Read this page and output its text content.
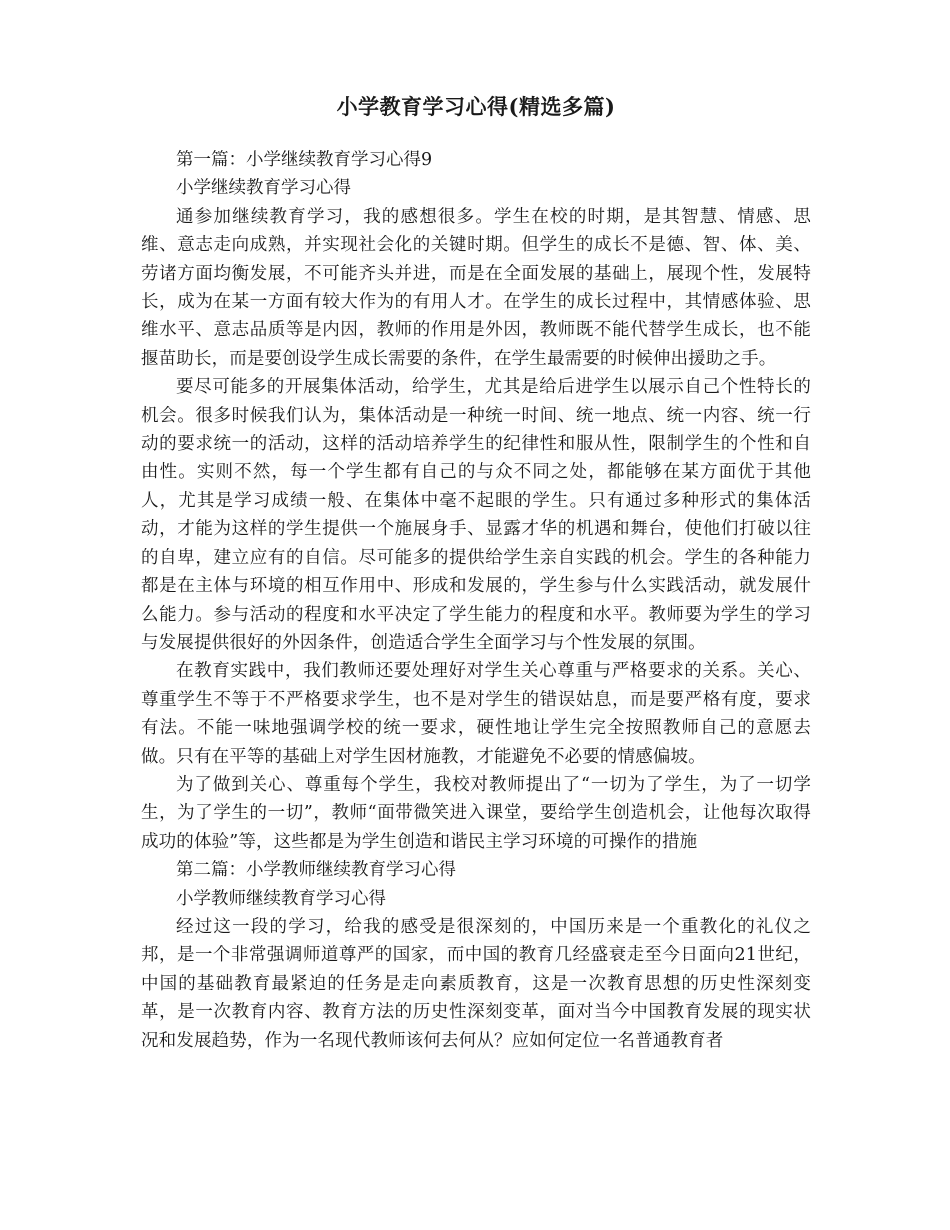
小学教育学习心得(精选多篇)

第一篇：小学继续教育学习心得9

小学继续教育学习心得

通参加继续教育学习，我的感想很多。学生在校的时期，是其智慧、情感、思维、意志走向成熟，并实现社会化的关键时期。但学生的成长不是德、智、体、美、劳诸方面均衡发展，不可能齐头并进，而是在全面发展的基础上，展现个性，发展特长，成为在某一方面有较大作为的有用人才。在学生的成长过程中，其情感体验、思维水平、意志品质等是内因，教师的作用是外因，教师既不能代替学生成长，也不能揠苗助长，而是要创设学生成长需要的条件，在学生最需要的时候伸出援助之手。

要尽可能多的开展集体活动，给学生，尤其是给后进学生以展示自己个性特长的机会。很多时候我们认为，集体活动是一种统一时间、统一地点、统一内容、统一行动的要求统一的活动，这样的活动培养学生的纪律性和服从性，限制学生的个性和自由性。实则不然，每一个学生都有自己的与众不同之处，都能够在某方面优于其他人，尤其是学习成绩一般、在集体中毫不起眼的学生。只有通过多种形式的集体活动，才能为这样的学生提供一个施展身手、显露才华的机遇和舞台，使他们打破以往的自卑，建立应有的自信。尽可能多的提供给学生亲自实践的机会。学生的各种能力都是在主体与环境的相互作用中、形成和发展的，学生参与什么实践活动，就发展什么能力。参与活动的程度和水平决定了学生能力的程度和水平。教师要为学生的学习与发展提供很好的外因条件，创造适合学生全面学习与个性发展的氛围。

在教育实践中，我们教师还要处理好对学生关心尊重与严格要求的关系。关心、尊重学生不等于不严格要求学生，也不是对学生的错误姑息，而是要严格有度，要求有法。不能一味地强调学校的统一要求，硬性地让学生完全按照教师自己的意愿去做。只有在平等的基础上对学生因材施教，才能避免不必要的情感偏坡。

为了做到关心、尊重每个学生，我校对教师提出了“一切为了学生，为了一切学生，为了学生的一切”，教师“面带微笑进入课堂，要给学生创造机会，让他每次取得成功的体验”等，这些都是为学生创造和谐民主学习环境的可操作的措施

第二篇：小学教师继续教育学习心得

小学教师继续教育学习心得

经过这一段的学习，给我的感受是很深刻的，中国历来是一个重教化的礼仪之邦，是一个非常强调师道尊严的国家，而中国的教育几经盛衰走至今日面向21世纪，中国的基础教育最紧迫的任务是走向素质教育，这是一次教育思想的历史性深刻变革，是一次教育内容、教育方法的历史性深刻变革，面对当今中国教育发展的现实状况和发展趋势，作为一名现代教师该何去何从？应如何定位一名普通教育者
